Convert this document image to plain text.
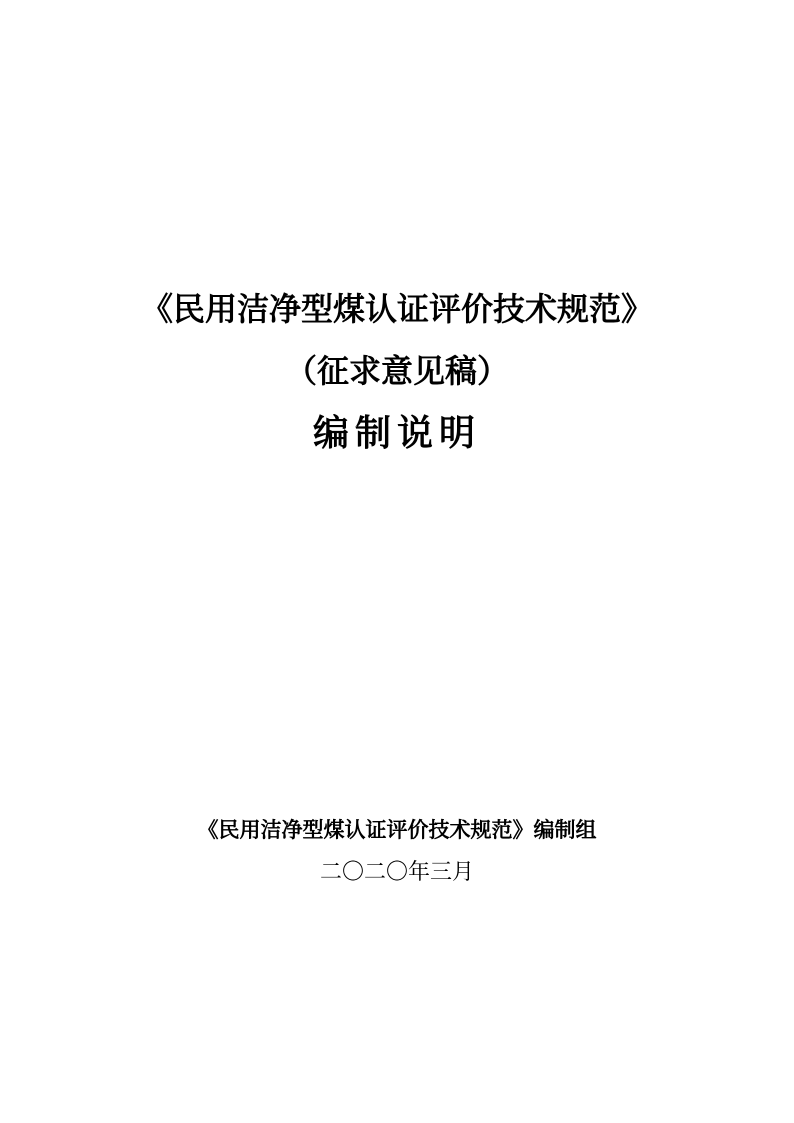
《民用洁净型煤认证评价技术规范》
（征求意见稿）
编制说明
《民用洁净型煤认证评价技术规范》编制组
二〇二〇年三月
